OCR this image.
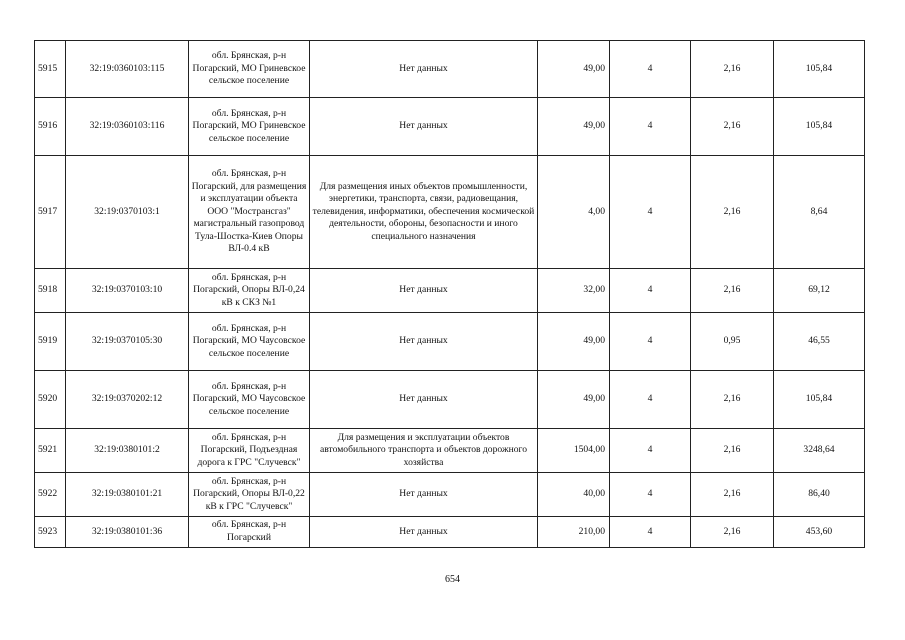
5915	32:19:0360103:115	обл. Брянская, р-н Погарский, МО Гриневское сельское поселение	Нет данных	49,00	4	2,16	105,84
5916	32:19:0360103:116	обл. Брянская, р-н Погарский, МО Гриневское сельское поселение	Нет данных	49,00	4	2,16	105,84
5917	32:19:0370103:1	обл. Брянская, р-н Погарский, для размещения и эксплуатации объекта ООО "Мострансгаз" магистральный газопровод Тула-Шостка-Киев Опоры ВЛ-0.4 кВ	Для размещения иных объектов промышленности, энергетики, транспорта, связи, радиовещания, телевидения, информатики, обеспечения космической деятельности, обороны, безопасности и иного специального назначения	4,00	4	2,16	8,64
5918	32:19:0370103:10	обл. Брянская, р-н Погарский, Опоры ВЛ-0,24 кВ к СКЗ №1	Нет данных	32,00	4	2,16	69,12
5919	32:19:0370105:30	обл. Брянская, р-н Погарский, МО Чаусовское сельское поселение	Нет данных	49,00	4	0,95	46,55
5920	32:19:0370202:12	обл. Брянская, р-н Погарский, МО Чаусовское сельское поселение	Нет данных	49,00	4	2,16	105,84
5921	32:19:0380101:2	обл. Брянская, р-н Погарский, Подъездная дорога к ГРС "Случевск"	Для размещения и эксплуатации объектов автомобильного транспорта и объектов дорожного хозяйства	1504,00	4	2,16	3248,64
5922	32:19:0380101:21	обл. Брянская, р-н Погарский, Опоры ВЛ-0,22 кВ к ГРС "Случевск"	Нет данных	40,00	4	2,16	86,40
5923	32:19:0380101:36	обл. Брянская, р-н Погарский	Нет данных	210,00	4	2,16	453,60
654
